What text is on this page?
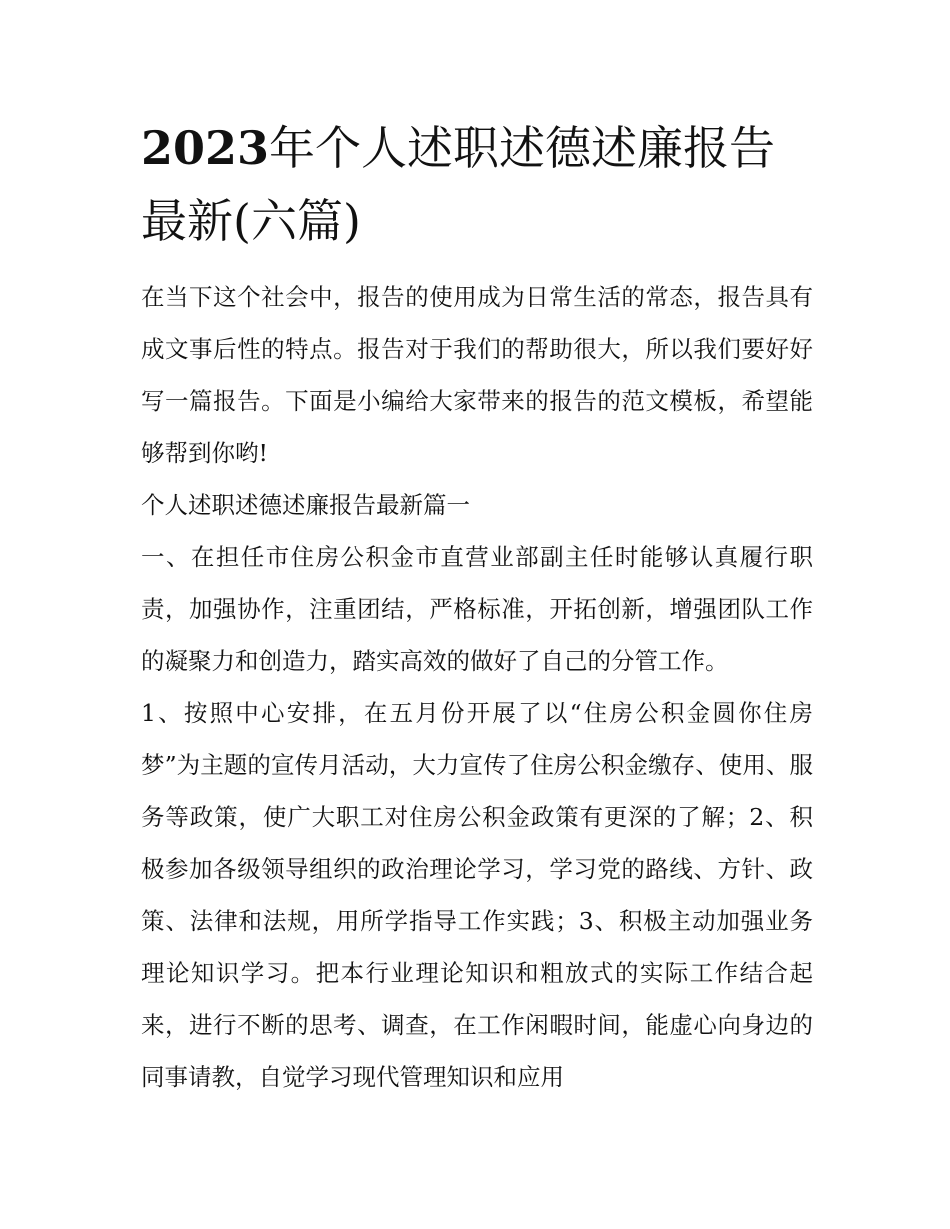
2023年个人述职述德述廉报告最新(六篇)

在当下这个社会中，报告的使用成为日常生活的常态，报告具有成文事后性的特点。报告对于我们的帮助很大，所以我们要好好写一篇报告。下面是小编给大家带来的报告的范文模板，希望能够帮到你哟!

个人述职述德述廉报告最新篇一

一、在担任市住房公积金市直营业部副主任时能够认真履行职责，加强协作，注重团结，严格标准，开拓创新，增强团队工作的凝聚力和创造力，踏实高效的做好了自己的分管工作。

1、按照中心安排，在五月份开展了以“住房公积金圆你住房梦”为主题的宣传月活动，大力宣传了住房公积金缴存、使用、服务等政策，使广大职工对住房公积金政策有更深的了解；2、积极参加各级领导组织的政治理论学习，学习党的路线、方针、政策、法律和法规，用所学指导工作实践；3、积极主动加强业务理论知识学习。把本行业理论知识和粗放式的实际工作结合起来，进行不断的思考、调查，在工作闲暇时间，能虚心向身边的同事请教，自觉学习现代管理知识和应用
